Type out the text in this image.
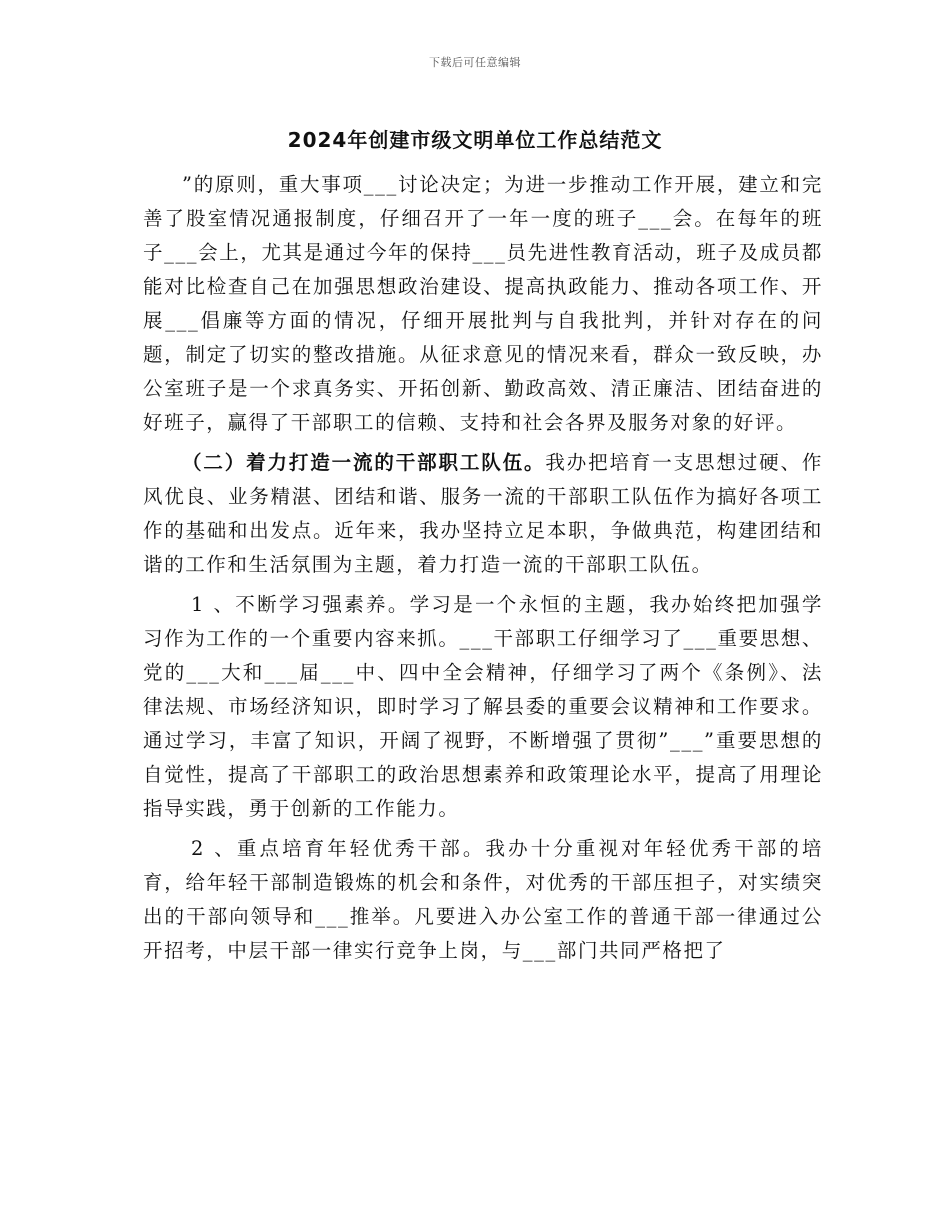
下载后可任意编辑
2024年创建市级文明单位工作总结范文

”的原则，重大事项___讨论决定；为进一步推动工作开展，建立和完善了股室情况通报制度，仔细召开了一年一度的班子___会。在每年的班子___会上，尤其是通过今年的保持___员先进性教育活动，班子及成员都能对比检查自己在加强思想政治建设、提高执政能力、推动各项工作、开展___倡廉等方面的情况，仔细开展批判与自我批判，并针对存在的问题，制定了切实的整改措施。从征求意见的情况来看，群众一致反映，办公室班子是一个求真务实、开拓创新、勤政高效、清正廉洁、团结奋进的好班子，赢得了干部职工的信赖、支持和社会各界及服务对象的好评。

（二）着力打造一流的干部职工队伍。我办把培育一支思想过硬、作风优良、业务精湛、团结和谐、服务一流的干部职工队伍作为搞好各项工作的基础和出发点。近年来，我办坚持立足本职，争做典范，构建团结和谐的工作和生活氛围为主题，着力打造一流的干部职工队伍。

1 、不断学习强素养。学习是一个永恒的主题，我办始终把加强学习作为工作的一个重要内容来抓。___干部职工仔细学习了___重要思想、党的___大和___届___中、四中全会精神，仔细学习了两个《条例》、法律法规、市场经济知识，即时学习了解县委的重要会议精神和工作要求。通过学习，丰富了知识，开阔了视野，不断增强了贯彻”___”重要思想的自觉性，提高了干部职工的政治思想素养和政策理论水平，提高了用理论指导实践，勇于创新的工作能力。

2 、重点培育年轻优秀干部。我办十分重视对年轻优秀干部的培育，给年轻干部制造锻炼的机会和条件，对优秀的干部压担子，对实绩突出的干部向领导和___推举。凡要进入办公室工作的普通干部一律通过公开招考，中层干部一律实行竞争上岗，与___部门共同严格把了
